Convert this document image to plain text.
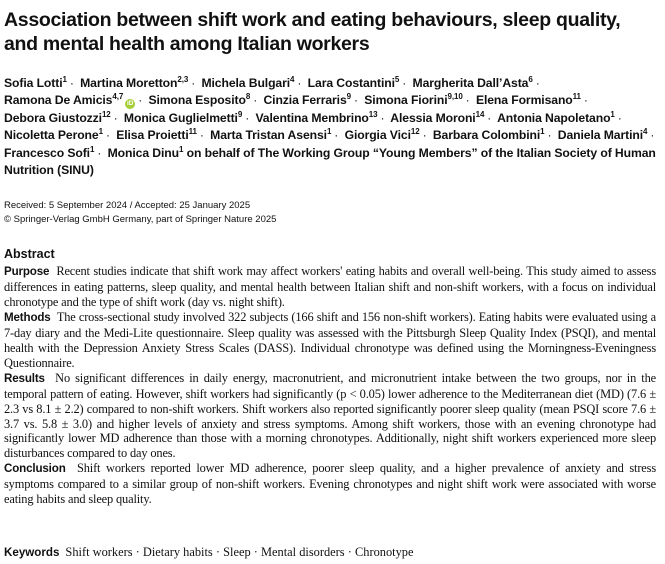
Association between shift work and eating behaviours, sleep quality, and mental health among Italian workers
Sofia Lotti$^1$ · Martina Moretton$^{2,3}$ · Michela Bulgari$^4$ · Lara Costantini$^5$ · Margherita Dall’Asta$^6$ · Ramona De Amicis$^{4,7}$iD · Simona Esposito$^8$ · Cinzia Ferraris$^9$ · Simona Fiorini$^{9,10}$ · Elena Formisano$^{11}$ · Debora Giustozzi$^{12}$ · Monica Guglielmetti$^9$ · Valentina Membrino$^{13}$ · Alessia Moroni$^{14}$ · Antonia Napoletano$^1$ · Nicoletta Perone$^1$ · Elisa Proietti$^{11}$ · Marta Tristan Asensi$^1$ · Giorgia Vici$^{12}$ · Barbara Colombini$^1$ · Daniela Martini$^4$ · Francesco Sofi$^1$ · Monica Dinu$^1$ on behalf of The Working Group “Young Members” of the Italian Society of Human Nutrition (SINU)
Received: 5 September 2024 / Accepted: 25 January 2025
© Springer-Verlag GmbH Germany, part of Springer Nature 2025
Abstract

Purpose Recent studies indicate that shift work may affect workers' eating habits and overall well-being. This study aimed to assess differences in eating patterns, sleep quality, and mental health between Italian shift and non-shift workers, with a focus on individual chronotype and the type of shift work (day vs. night shift).

Methods The cross-sectional study involved 322 subjects (166 shift and 156 non-shift workers). Eating habits were evaluated using a 7-day diary and the Medi-Lite questionnaire. Sleep quality was assessed with the Pittsburgh Sleep Quality Index (PSQI), and mental health with the Depression Anxiety Stress Scales (DASS). Individual chronotype was defined using the Morningness-Eveningness Questionnaire.

Results No significant differences in daily energy, macronutrient, and micronutrient intake between the two groups, nor in the temporal pattern of eating. However, shift workers had significantly (p < 0.05) lower adherence to the Mediterranean diet (MD) (7.6 ± 2.3 vs 8.1 ± 2.2) compared to non-shift workers. Shift workers also reported significantly poorer sleep quality (mean PSQI score 7.6 ± 3.7 vs. 5.8 ± 3.0) and higher levels of anxiety and stress symptoms. Among shift workers, those with an evening chronotype had significantly lower MD adherence than those with a morning chronotypes. Additionally, night shift workers experienced more sleep disturbances compared to day ones.

Conclusion Shift workers reported lower MD adherence, poorer sleep quality, and a higher prevalence of anxiety and stress symptoms compared to a similar group of non-shift workers. Evening chronotypes and night shift work were associated with worse eating habits and sleep quality.

Keywords Shift workers · Dietary habits · Sleep · Mental disorders · Chronotype
